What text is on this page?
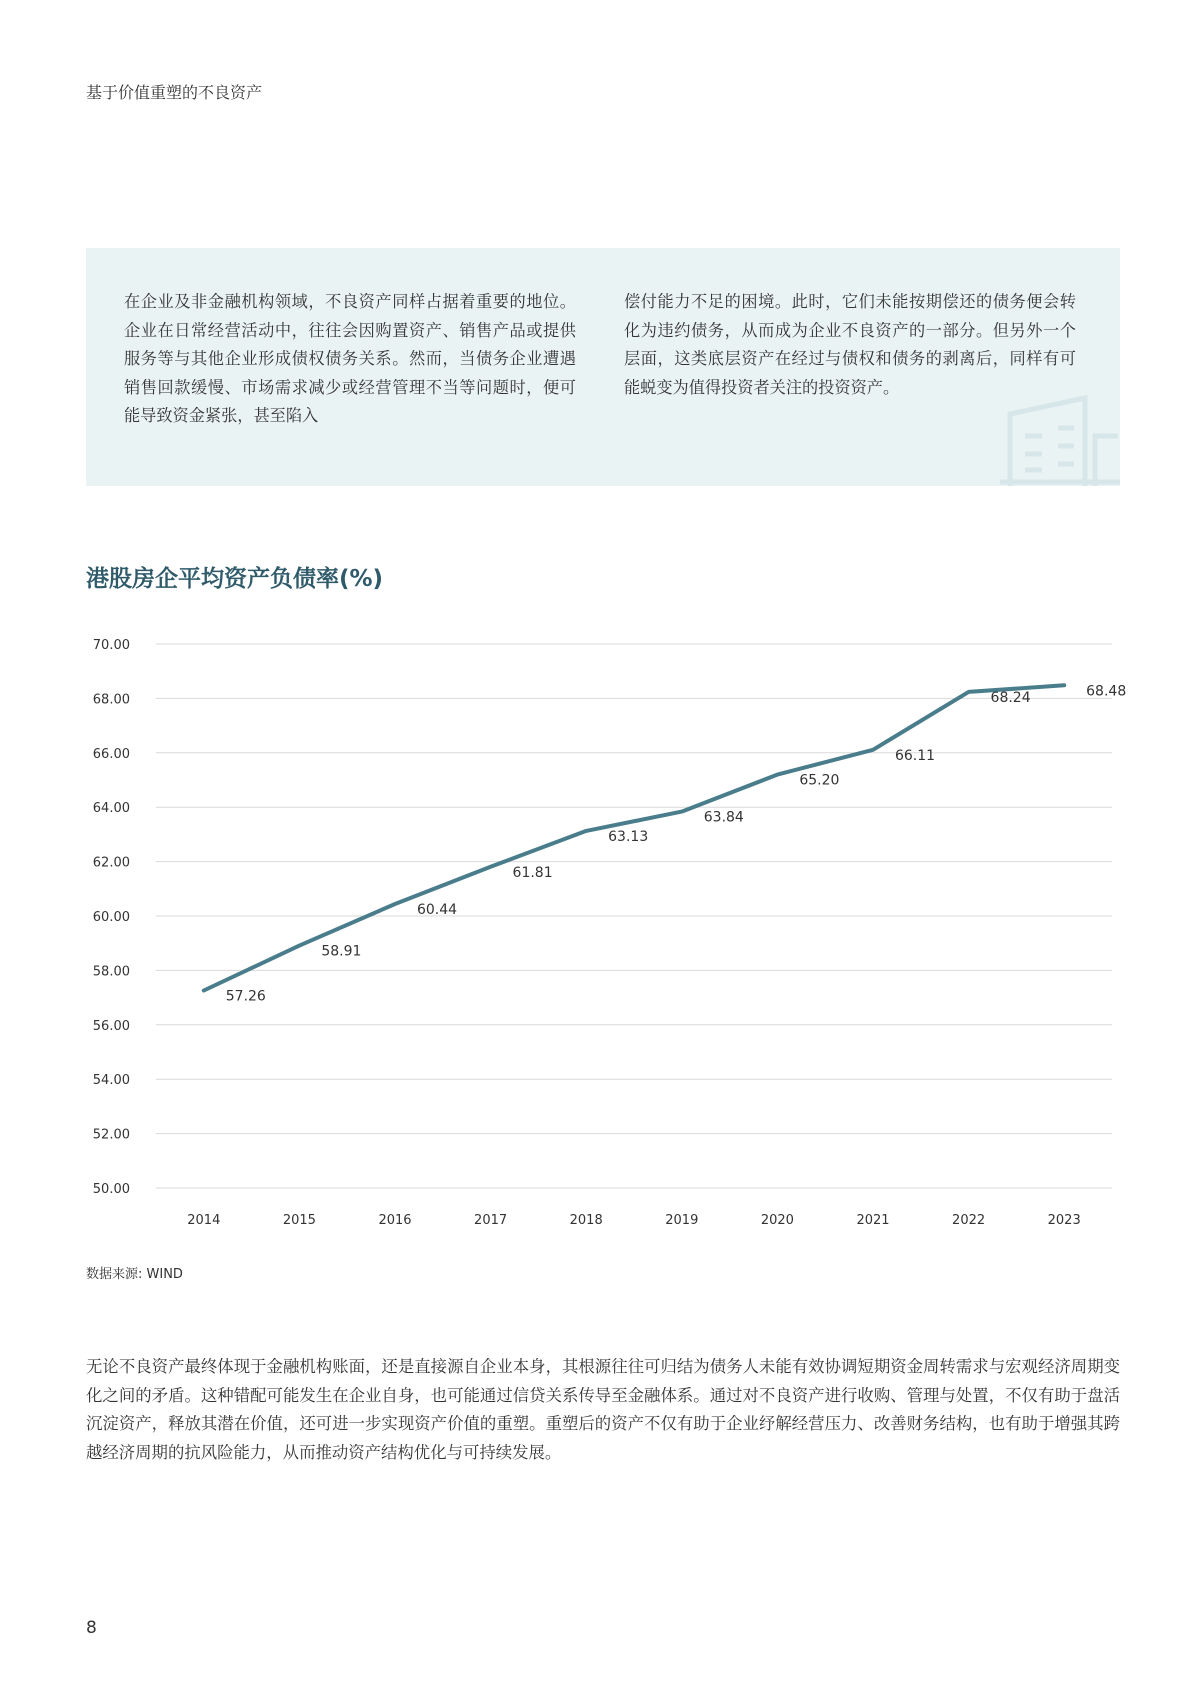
基于价值重塑的不良资产
在企业及非金融机构领域，不良资产同样占据着重要的地位。企业在日常经营活动中，往往会因购置资产、销售产品或提供服务等与其他企业形成债权债务关系。然而，当债务企业遭遇销售回款缓慢、市场需求减少或经营管理不当等问题时，便可能导致资金紧张，甚至陷入
偿付能力不足的困境。此时，它们未能按期偿还的债务便会转化为违约债务，从而成为企业不良资产的一部分。但另外一个层面，这类底层资产在经过与债权和债务的剥离后，同样有可能蜕变为值得投资者关注的投资资产。
港股房企平均资产负债率(%)
50.00
52.00
54.00
56.00
58.00
60.00
62.00
64.00
66.00
68.00
70.00
2014	2015	2016	2017	2018	2019	2020	2021	2022	2023
57.26
58.91
60.44
61.81
63.13
63.84
65.20
66.11
68.24	68.48
数据来源: WIND
无论不良资产最终体现于金融机构账面，还是直接源自企业本身，其根源往往可归结为债务人未能有效协调短期资金周转需求与宏观经济周期变化之间的矛盾。这种错配可能发生在企业自身，也可能通过信贷关系传导至金融体系。通过对不良资产进行收购、管理与处置，不仅有助于盘活沉淀资产，释放其潜在价值，还可进一步实现资产价值的重塑。重塑后的资产不仅有助于企业纾解经营压力、改善财务结构，也有助于增强其跨越经济周期的抗风险能力，从而推动资产结构优化与可持续发展。
8
